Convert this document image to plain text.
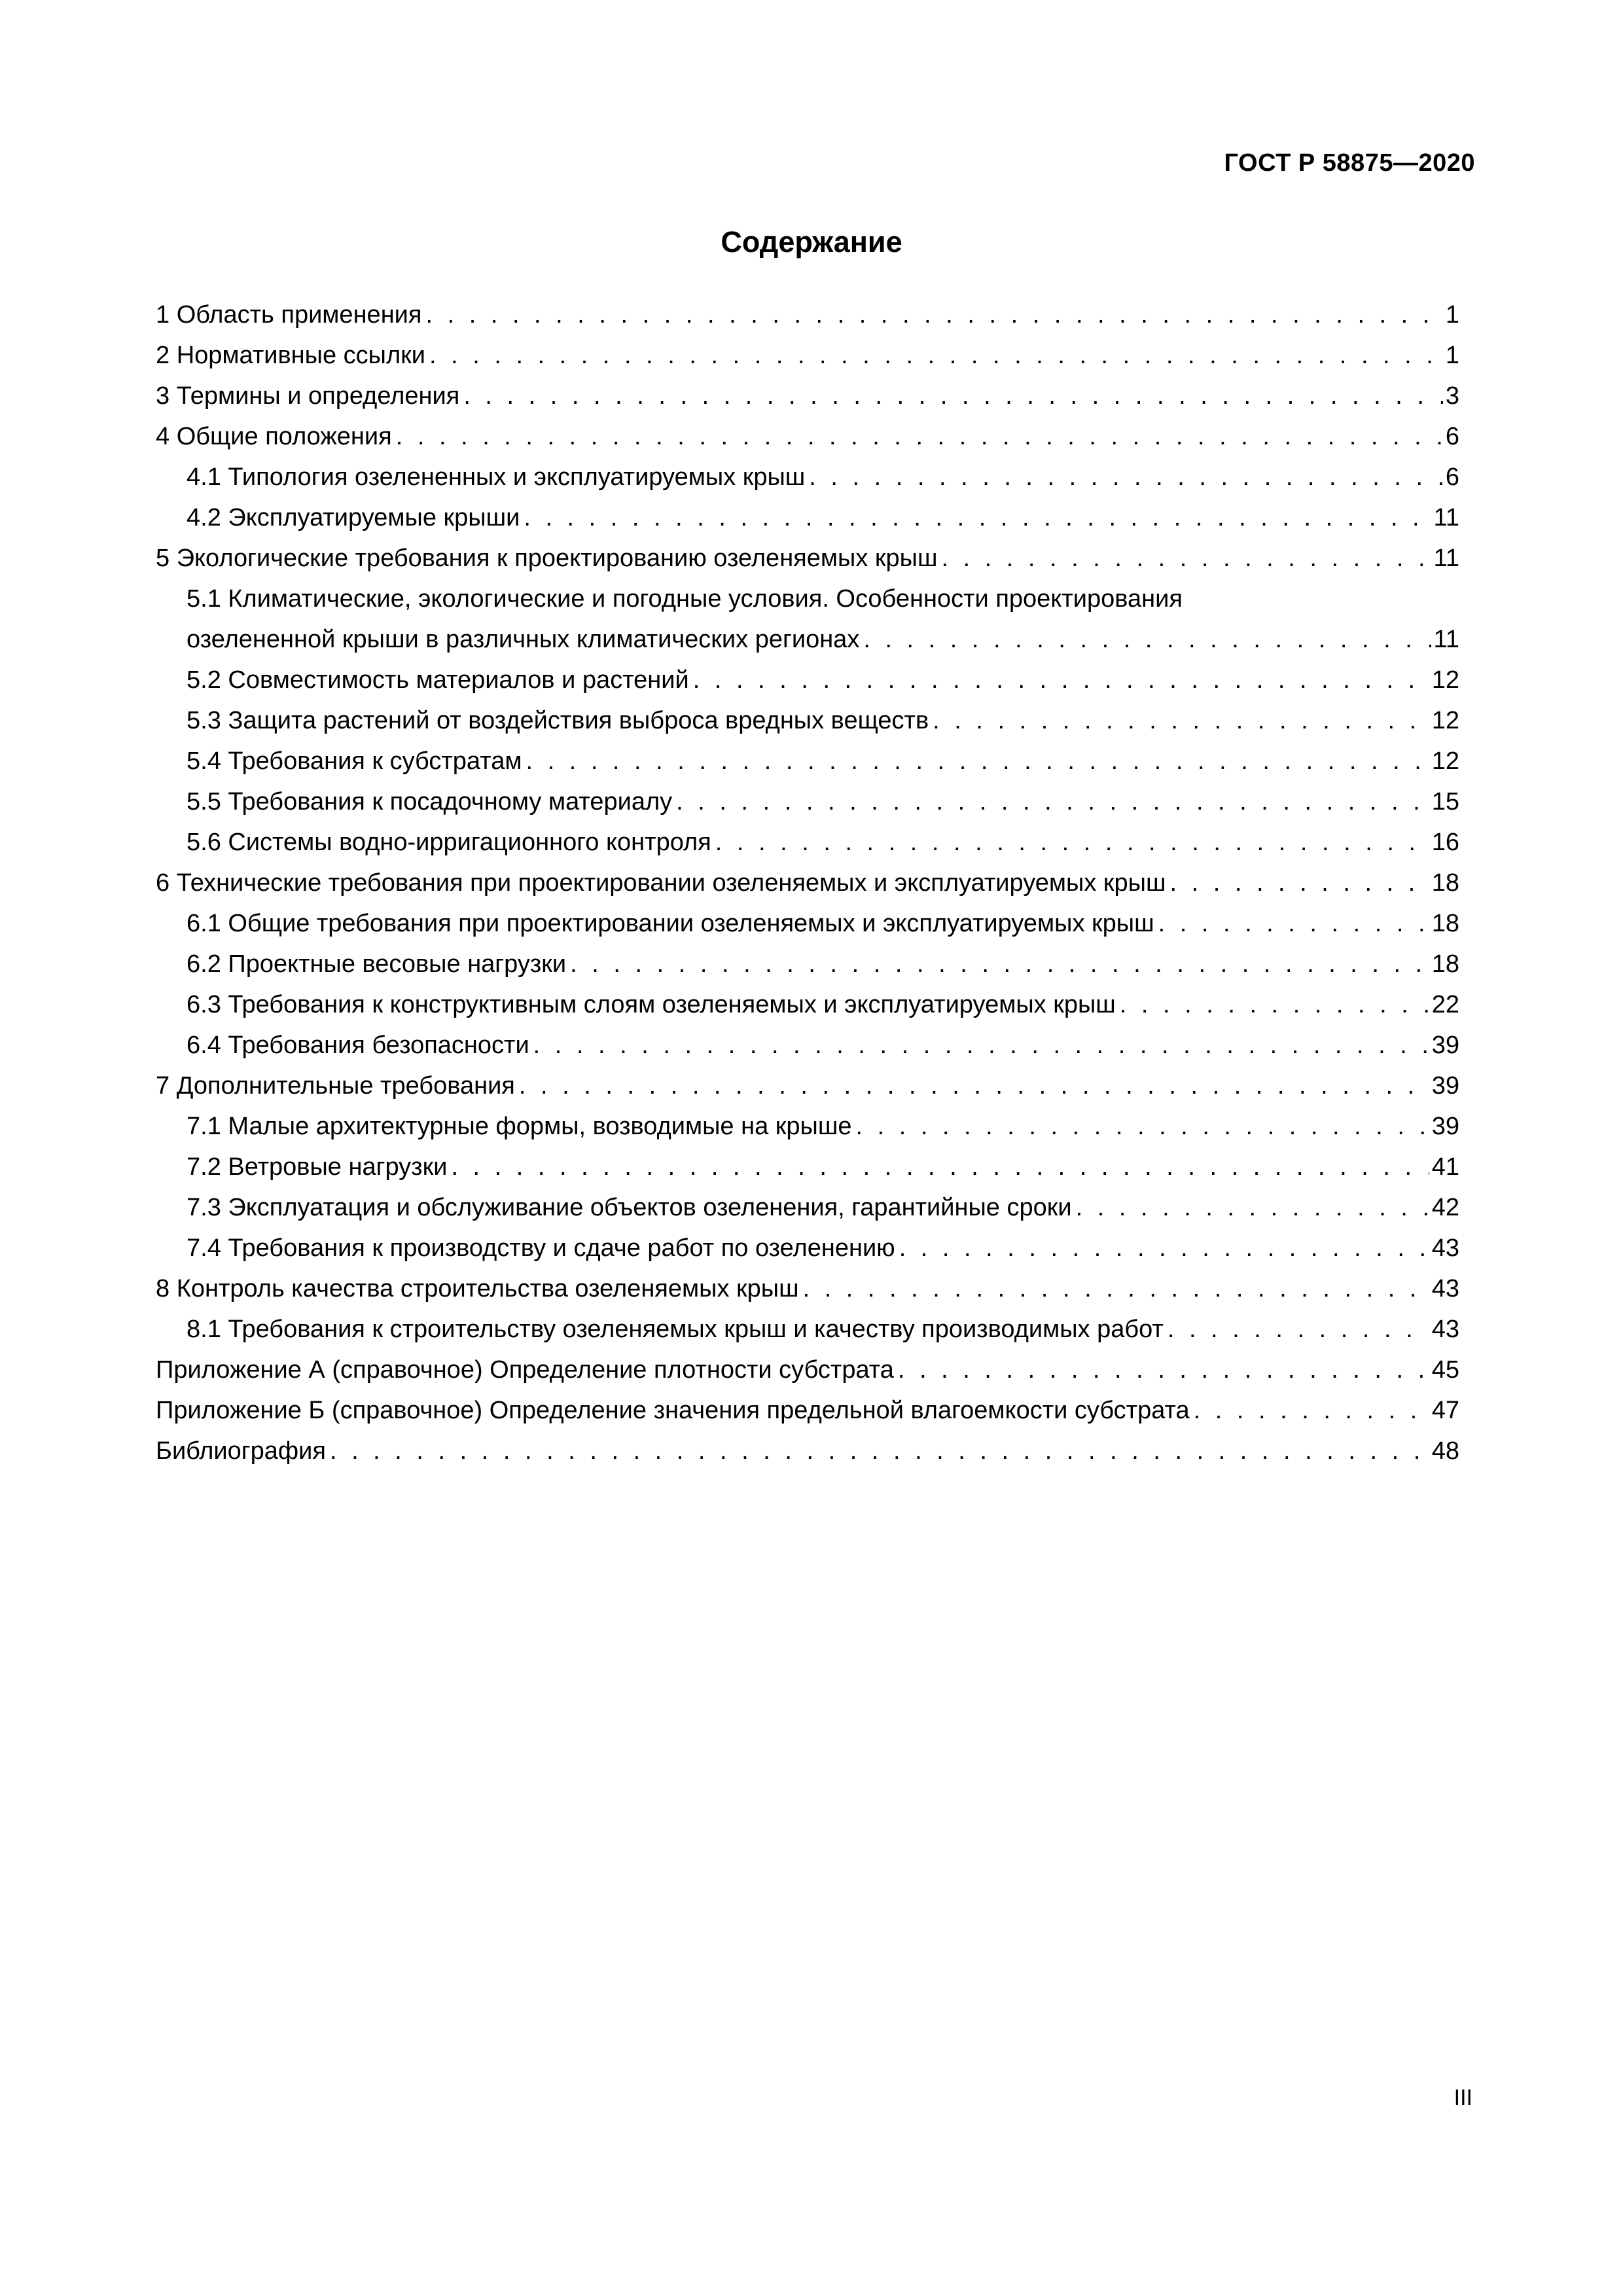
ГОСТ Р 58875—2020
Содержание
1 Область применения . . .	1
2 Нормативные ссылки . . .	1
3 Термины и определения . . .	3
4 Общие положения . . .	6
4.1 Типология озелененных и эксплуатируемых крыш . . .	6
4.2 Эксплуатируемые крыши . . .	11
5 Экологические требования к проектированию озеленяемых крыш . . .	11
5.1 Климатические, экологические и погодные условия. Особенности проектирования
озелененной крыши в различных климатических регионах . . .	11
5.2 Совместимость материалов и растений . . .	12
5.3 Защита растений от воздействия выброса вредных веществ . . .	12
5.4 Требования к субстратам . . .	12
5.5 Требования к посадочному материалу . . .	15
5.6 Системы водно-ирригационного контроля . . .	16
6 Технические требования при проектировании озеленяемых и эксплуатируемых крыш . . .	18
6.1 Общие требования при проектировании озеленяемых и эксплуатируемых крыш . . .	18
6.2 Проектные весовые нагрузки . . .	18
6.3 Требования к конструктивным слоям озеленяемых и эксплуатируемых крыш . . .	22
6.4 Требования безопасности . . .	39
7 Дополнительные требования . . .	39
7.1 Малые архитектурные формы, возводимые на крыше . . .	39
7.2 Ветровые нагрузки . . .	41
7.3 Эксплуатация и обслуживание объектов озеленения, гарантийные сроки . . .	42
7.4 Требования к производству и сдаче работ по озеленению . . .	43
8 Контроль качества строительства озеленяемых крыш . . .	43
8.1 Требования к строительству озеленяемых крыш и качеству производимых работ . . .	43
Приложение А (справочное) Определение плотности субстрата . . .	45
Приложение Б (справочное) Определение значения предельной влагоемкости субстрата . . .	47
Библиография . . .	48
III
